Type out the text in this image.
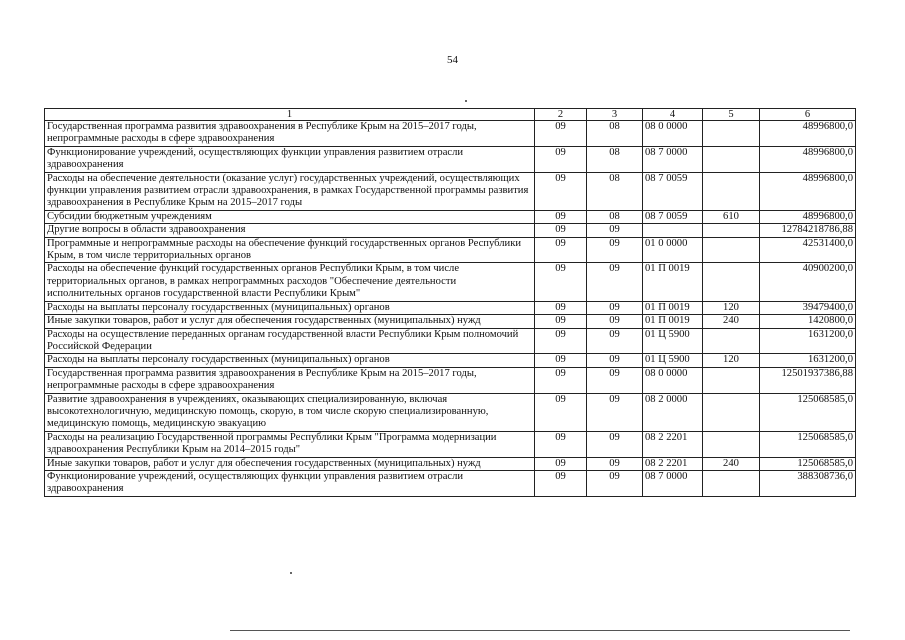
54
1	2	3	4	5	6
Государственная программа развития здравоохранения в Республике Крым на 2015–2017 годы, непрограммные расходы в сфере здравоохранения	09	08	08 0 0000		48996800,0
Функционирование учреждений, осуществляющих функции управления развитием отрасли здравоохранения	09	08	08 7 0000		48996800,0
Расходы на обеспечение деятельности (оказание услуг) государственных учреждений, осуществляющих функции управления развитием отрасли здравоохранения, в рамках Государственной программы развития здравоохранения в Республике Крым на 2015–2017 годы	09	08	08 7 0059		48996800,0
Субсидии бюджетным учреждениям	09	08	08 7 0059	610	48996800,0
Другие вопросы в области здравоохранения	09	09			12784218786,88
Программные и непрограммные расходы на обеспечение функций государственных органов Республики Крым, в том числе территориальных органов	09	09	01 0 0000		42531400,0
Расходы на обеспечение функций государственных органов Республики Крым, в том числе территориальных органов, в рамках непрограммных расходов "Обеспечение деятельности исполнительных органов государственной власти Республики Крым"	09	09	01 П 0019		40900200,0
Расходы на выплаты персоналу государственных (муниципальных) органов	09	09	01 П 0019	120	39479400,0
Иные закупки товаров, работ и услуг для обеспечения государственных (муниципальных) нужд	09	09	01 П 0019	240	1420800,0
Расходы на осуществление переданных органам государственной власти Республики Крым полномочий Российской Федерации	09	09	01 Ц 5900		1631200,0
Расходы на выплаты персоналу государственных (муниципальных) органов	09	09	01 Ц 5900	120	1631200,0
Государственная программа развития здравоохранения в Республике Крым на 2015–2017 годы, непрограммные расходы в сфере здравоохранения	09	09	08 0 0000		12501937386,88
Развитие здравоохранения в учреждениях, оказывающих специализированную, включая высокотехнологичную, медицинскую помощь, скорую, в том числе скорую специализированную, медицинскую помощь, медицинскую эвакуацию	09	09	08 2 0000		125068585,0
Расходы на реализацию Государственной программы Республики Крым "Программа модернизации здравоохранения Республики Крым на 2014–2015 годы"	09	09	08 2 2201		125068585,0
Иные закупки товаров, работ и услуг для обеспечения государственных (муниципальных) нужд	09	09	08 2 2201	240	125068585,0
Функционирование учреждений, осуществляющих функции управления развитием отрасли здравоохранения	09	09	08 7 0000		388308736,0
